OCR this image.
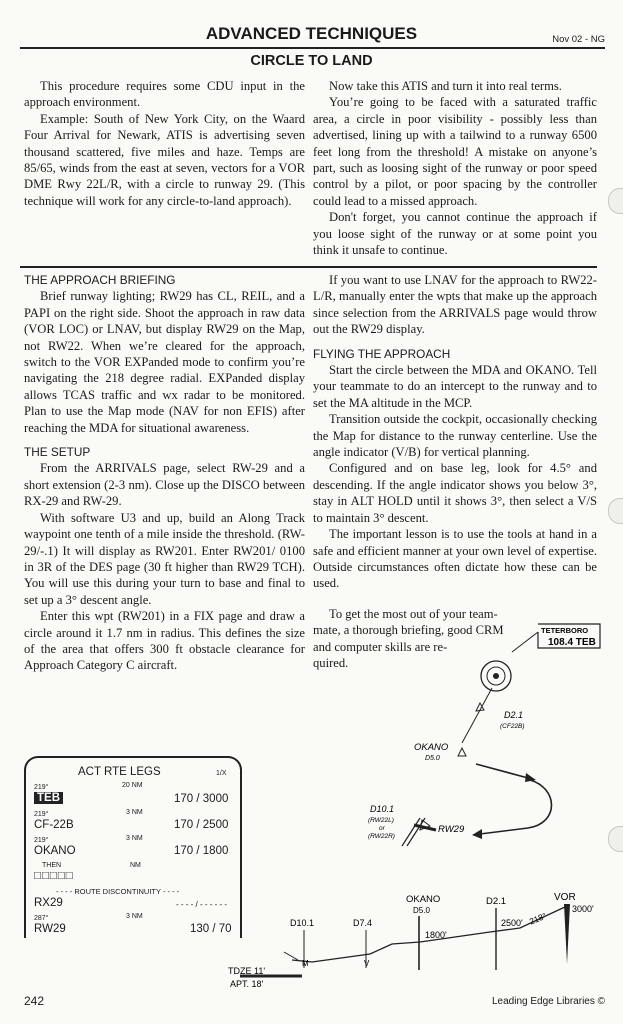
ADVANCED TECHNIQUES	Nov 02 - NG
CIRCLE TO LAND

This procedure requires some CDU input in the approach environment.

Example: South of New York City, on the Waard Four Arrival for Newark, ATIS is advertising seven thousand scattered, five miles and haze. Temps are 85/65, winds from the east at seven, vectors for a VOR DME Rwy 22L/R, with a circle to runway 29. (This technique will work for any circle-to-land approach).

Now take this ATIS and turn it into real terms.

You’re going to be faced with a saturated traffic area, a circle in poor visibility - possibly less than advertised, lining up with a tailwind to a runway 6500 feet long from the threshold! A mistake on anyone’s part, such as loosing sight of the runway or poor speed control by a pilot, or poor spacing by the controller could lead to a missed approach.

Don't forget, you cannot continue the approach if you loose sight of the runway or at some point you think it unsafe to continue.

THE APPROACH BRIEFING

Brief runway lighting; RW29 has CL, REIL, and a PAPI on the right side. Shoot the approach in raw data (VOR LOC) or LNAV, but display RW29 on the Map, not RW22. When we’re cleared for the approach, switch to the VOR EXPanded mode to confirm you’re navigating the 218 degree radial. EXPanded display allows TCAS traffic and wx radar to be monitored. Plan to use the Map mode (NAV for non EFIS) after reaching the MDA for situational awareness.

THE SETUP

From the ARRIVALS page, select RW-29 and a short extension (2-3 nm). Close up the DISCO between RX-29 and RW-29.

With software U3 and up, build an Along Track waypoint one tenth of a mile inside the threshold. (RW-29/-.1) It will display as RW201. Enter RW201/ 0100 in 3R of the DES page (30 ft higher than RW29 TCH). You will use this during your turn to base and final to set up a 3° descent angle.

Enter this wpt (RW201) in a FIX page and draw a circle around it 1.7 nm in radius. This defines the size of the area that offers 300 ft obstacle clearance for Approach Category C aircraft.

If you want to use LNAV for the approach to RW22-L/R, manually enter the wpts that make up the approach since selection from the ARRIVALS page would throw out the RW29 display.

FLYING THE APPROACH

Start the circle between the MDA and OKANO. Tell your teammate to do an intercept to the runway and to set the MA altitude in the MCP.

Transition outside the cockpit, occasionally checking the Map for distance to the runway centerline. Use the angle indicator (V/B) for vertical planning.

Configured and on base leg, look for 4.5° and descending. If the angle indicator shows you below 3°, stay in ALT HOLD until it shows 3°, then select a V/S to maintain 3° descent.

The important lesson is to use the tools at hand in a safe and efficient manner at your own level of expertise. Outside circumstances often dictate how these can be used.

To get the most out of your team-
mate, a thorough briefing, good CRM
and computer skills are re-
quired.
ACT RTE LEGS	1/X
219°	20 NM
TEB	170 / 3000
219°	3 NM
CF-22B	170 / 2500
219°	3 NM
OKANO	170 / 1800
THEN	NM
□□□□□
- - - - ROUTE DISCONTINUITY - - - -
RX29	- - - - / - - - - - -
287°	3 NM
RW29	130 / 70
TETERBORO
108.4 TEB
D2.1
(CF22B)
OKANO
D5.0
D10.1
(RW22L)
or
(RW22R)
RW29
VOR
3000'
218°
OKANO
D5.0
1800'
D2.1
2500'
D7.4
V
D10.1
M
TDZE 11'
APT. 18'
242	Leading Edge Libraries ©
